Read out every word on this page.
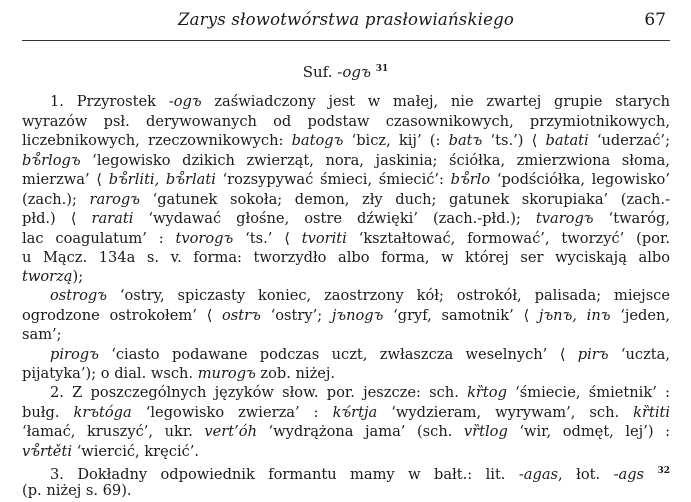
Zarys słowotwórstwa prasłowiańskiego	67
Suf. -ogъ $^{31}$
1. Przyrostek -ogъ zaświadczony jest w małej, nie zwartej grupie starych
wyrazów psł. derywowanych od podstaw czasownikowych, przymiotnikowych,
liczebnikowych, rzeczownikowych: batogъ ‘bicz, kij’ (: batъ ‘ts.’) ⟨ batati ‘uderzać’;
bъ̊rlogъ ‘legowisko dzikich zwierząt, nora, jaskinia; ściółka, zmierzwiona słoma,
mierzwa’ ⟨ bъ̊rliti, bъ̊rlati ‘rozsypywać śmieci, śmiecić’: bъ̊rlo ‘podściółka, legowisko’
(zach.); rarogъ ‘gatunek sokoła; demon, zły duch; gatunek skorupiaka’ (zach.-
płd.) ⟨ rarati ‘wydawać głośne, ostre dźwięki’ (zach.-płd.); tvarogъ ‘twaróg,
lac coagulatum’ : tvorogъ ‘ts.’ ⟨ tvoriti ‘kształtować, formować’, tworzyć’ (por.
u Mącz. 134a s. v. forma: tworzydło albo forma, w której ser wyciskają albo
tworzą);
ostrogъ ‘ostry, spiczasty koniec, zaostrzony kół; ostrokół, palisada; miejsce
ogrodzone ostrokołem’ ⟨ ostrъ ‘ostry’; jъnogъ ‘gryf, samotnik’ ⟨ jъnъ, inъ ‘jeden,
sam’;
pirogъ ‘ciasto podawane podczas uczt, zwłaszcza weselnych’ ⟨ pirъ ‘uczta,
pijatyka’); o dial. wsch. murogъ zob. niżej.
2. Z poszczególnych języków słow. por. jeszcze: sch. kȑtog ‘śmiecie, śmietnik’ :
bułg. krъtóga ‘legowisko zwierza’ : kъ́rtja ‘wydzieram, wyrywam’, sch. kȑtiti
‘łamać, kruszyć’, ukr. vert’óh ‘wydrążona jama’ (sch. vȑtlog ‘wir, odmęt, lej’) :
vъ̊rtěti ‘wiercić, kręcić’.
3. Dokładny odpowiednik formantu mamy w bałt.: lit. -agas, łot. -ags $^{32}$
(p. niżej s. 69).
